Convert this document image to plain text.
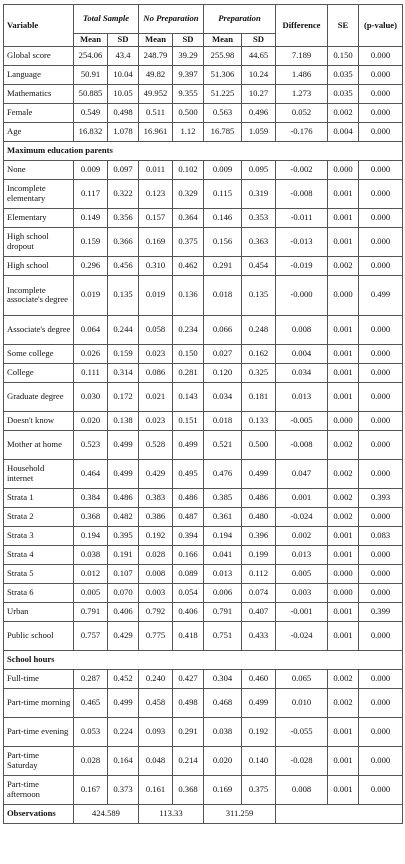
Variable	Total Sample		No Preparation		Preparation		Difference	SE	(p-value)
	Mean	SD	Mean	SD	Mean	SD			
Global score	254.06	43.4	248.79	39.29	255.98	44.65	7.189	0.150	0.000
Language	50.91	10.04	49.82	9.397	51.306	10.24	1.486	0.035	0.000
Mathematics	50.885	10.05	49.952	9.355	51.225	10.27	1.273	0.035	0.000
Female	0.549	0.498	0.511	0.500	0.563	0.496	0.052	0.002	0.000
Age	16.832	1.078	16.961	1.12	16.785	1.059	-0.176	0.004	0.000
Maximum education parents									
None	0.009	0.097	0.011	0.102	0.009	0.095	-0.002	0.000	0.000
Incomplete elementary	0.117	0.322	0.123	0.329	0.115	0.319	-0.008	0.001	0.000
Elementary	0.149	0.356	0.157	0.364	0.146	0.353	-0.011	0.001	0.000
High school dropout	0.159	0.366	0.169	0.375	0.156	0.363	-0.013	0.001	0.000
High school	0.296	0.456	0.310	0.462	0.291	0.454	-0.019	0.002	0.000
Incomplete associate's degree	0.019	0.135	0.019	0.136	0.018	0.135	-0.000	0.000	0.499
Associate's degree	0.064	0.244	0.058	0.234	0.066	0.248	0.008	0.001	0.000
Some college	0.026	0.159	0.023	0.150	0.027	0.162	0.004	0.001	0.000
College	0.111	0.314	0.086	0.281	0.120	0.325	0.034	0.001	0.000
Graduate degree	0.030	0.172	0.021	0.143	0.034	0.181	0.013	0.001	0.000
Doesn't know	0.020	0.138	0.023	0.151	0.018	0.133	-0.005	0.000	0.000
Mother at home	0.523	0.499	0.528	0.499	0.521	0.500	-0.008	0.002	0.000
Household internet	0.464	0.499	0.429	0.495	0.476	0.499	0.047	0.002	0.000
Strata 1	0.384	0.486	0.383	0.486	0.385	0.486	0.001	0.002	0.393
Strata 2	0.368	0.482	0.386	0.487	0.361	0.480	-0.024	0.002	0.000
Strata 3	0.194	0.395	0.192	0.394	0.194	0.396	0.002	0.001	0.083
Strata 4	0.038	0.191	0.028	0.166	0.041	0.199	0.013	0.001	0.000
Strata 5	0.012	0.107	0.008	0.089	0.013	0.112	0.005	0.000	0.000
Strata 6	0.005	0.070	0.003	0.054	0.006	0.074	0.003	0.000	0.000
Urban	0.791	0.406	0.792	0.406	0.791	0.407	-0.001	0.001	0.399
Public school	0.757	0.429	0.775	0.418	0.751	0.433	-0.024	0.001	0.000
School hours									
Full-time	0.287	0.452	0.240	0.427	0.304	0.460	0.065	0.002	0.000
Part-time morning	0.465	0.499	0.458	0.498	0.468	0.499	0.010	0.002	0.000
Part-time evening	0.053	0.224	0.093	0.291	0.038	0.192	-0.055	0.001	0.000
Part-time Saturday	0.028	0.164	0.048	0.214	0.020	0.140	-0.028	0.001	0.000
Part-time afternoon	0.167	0.373	0.161	0.368	0.169	0.375	0.008	0.001	0.000
Observations	424.589		113.33		311.259				
